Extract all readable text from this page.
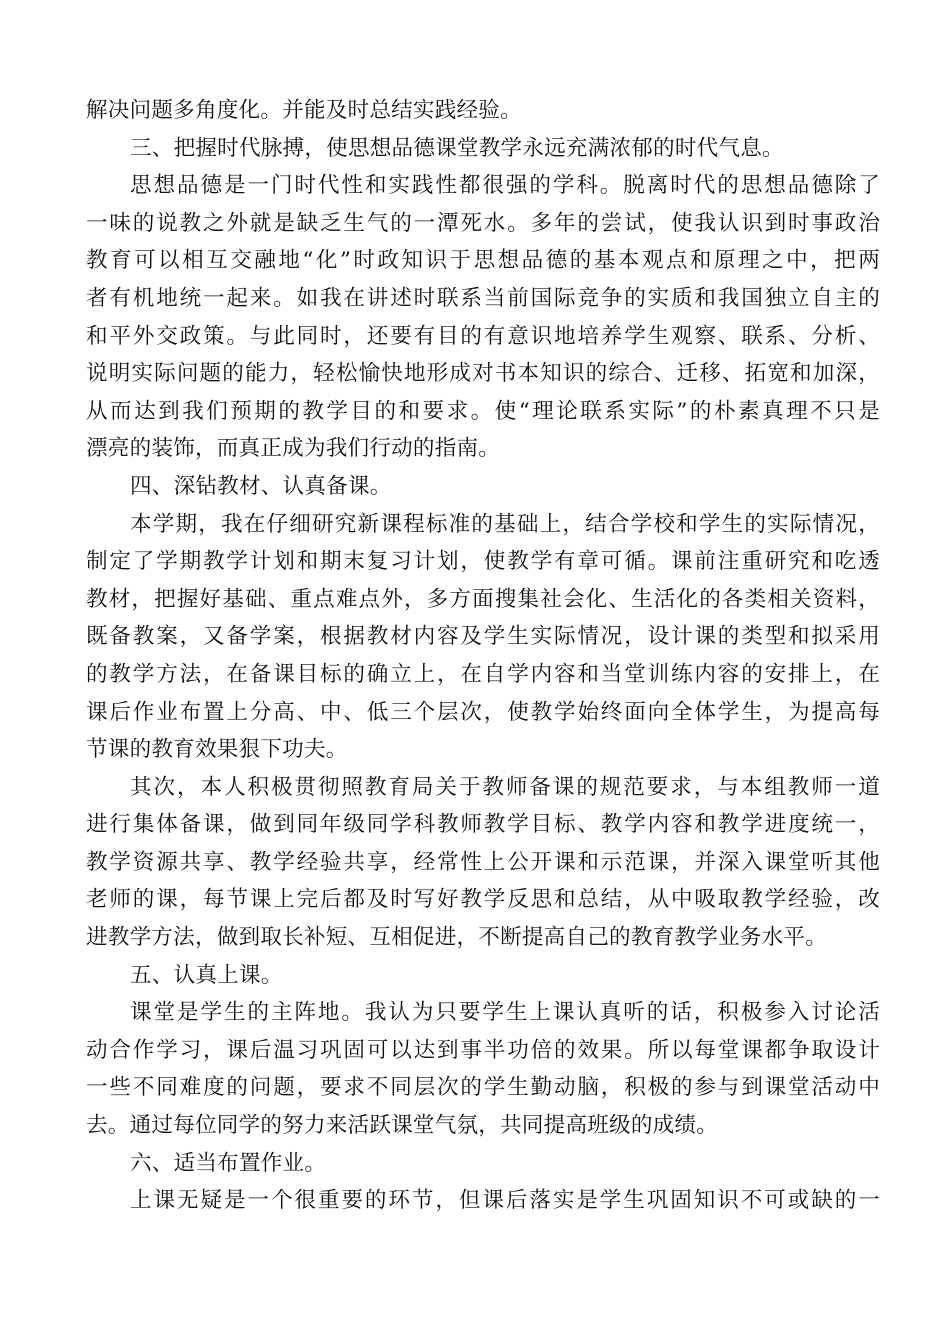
解决问题多角度化。并能及时总结实践经验。
三、把握时代脉搏，使思想品德课堂教学永远充满浓郁的时代气息。
思想品德是一门时代性和实践性都很强的学科。脱离时代的思想品德除了
一味的说教之外就是缺乏生气的一潭死水。多年的尝试，使我认识到时事政治
教育可以相互交融地“化”时政知识于思想品德的基本观点和原理之中，把两
者有机地统一起来。如我在讲述时联系当前国际竞争的实质和我国独立自主的
和平外交政策。与此同时，还要有目的有意识地培养学生观察、联系、分析、
说明实际问题的能力，轻松愉快地形成对书本知识的综合、迁移、拓宽和加深，
从而达到我们预期的教学目的和要求。使“理论联系实际”的朴素真理不只是
漂亮的装饰，而真正成为我们行动的指南。
四、深钻教材、认真备课。
本学期，我在仔细研究新课程标准的基础上，结合学校和学生的实际情况，
制定了学期教学计划和期末复习计划，使教学有章可循。课前注重研究和吃透
教材，把握好基础、重点难点外，多方面搜集社会化、生活化的各类相关资料，
既备教案，又备学案，根据教材内容及学生实际情况，设计课的类型和拟采用
的教学方法，在备课目标的确立上，在自学内容和当堂训练内容的安排上，在
课后作业布置上分高、中、低三个层次，使教学始终面向全体学生，为提高每
节课的教育效果狠下功夫。
其次，本人积极贯彻照教育局关于教师备课的规范要求，与本组教师一道
进行集体备课，做到同年级同学科教师教学目标、教学内容和教学进度统一，
教学资源共享、教学经验共享，经常性上公开课和示范课，并深入课堂听其他
老师的课，每节课上完后都及时写好教学反思和总结，从中吸取教学经验，改
进教学方法，做到取长补短、互相促进，不断提高自己的教育教学业务水平。
五、认真上课。
课堂是学生的主阵地。我认为只要学生上课认真听的话，积极参入讨论活
动合作学习，课后温习巩固可以达到事半功倍的效果。所以每堂课都争取设计
一些不同难度的问题，要求不同层次的学生勤动脑，积极的参与到课堂活动中
去。通过每位同学的努力来活跃课堂气氛，共同提高班级的成绩。
六、适当布置作业。
上课无疑是一个很重要的环节，但课后落实是学生巩固知识不可或缺的一
